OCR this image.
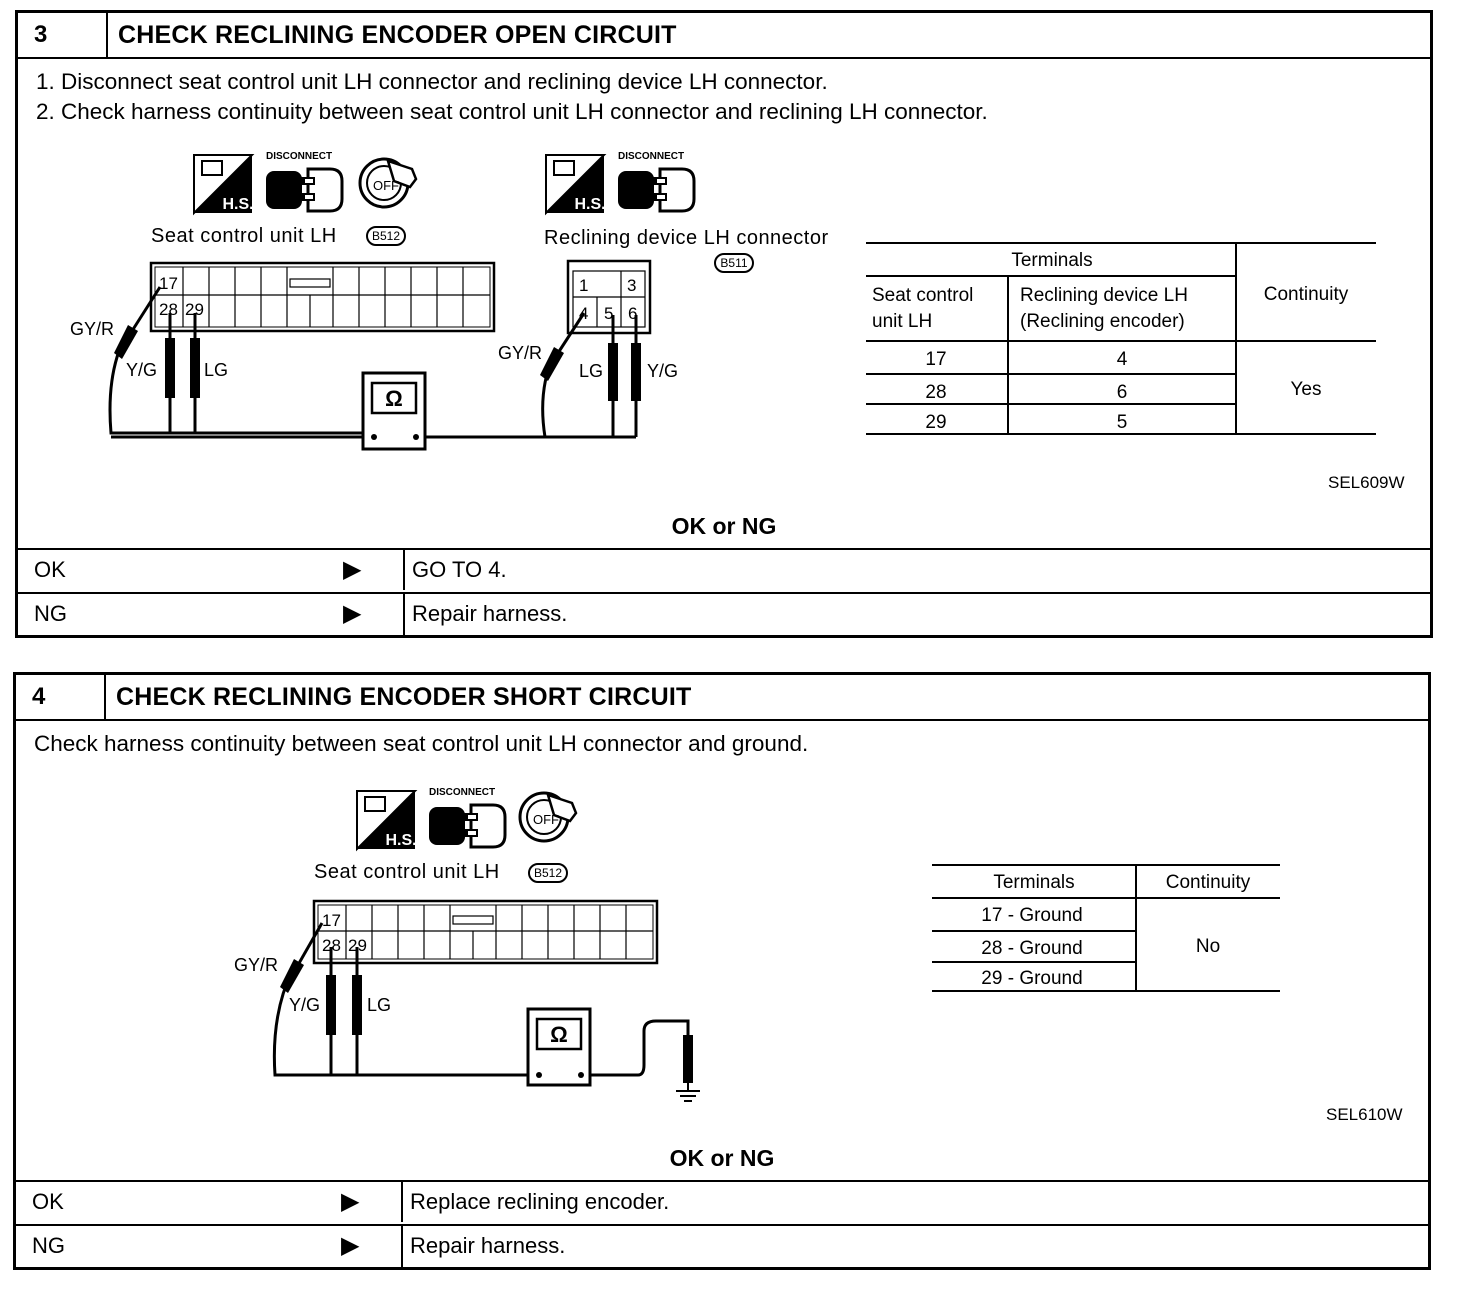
3	CHECK RECLINING ENCODER OPEN CIRCUIT
1. Disconnect seat control unit LH connector and reclining device LH connector.
2. Check harness continuity between seat control unit LH connector and reclining LH connector.
H.S.
DISCONNECT
OFF
H.S.
DISCONNECT
Seat control unit LH	B512	Reclining device LH connector
B511
17
28 29
GY/R
Y/G	LG
Ω
1 3
4 5 6
GY/R
LG Y/G
Terminals
Seat control
unit LH
Reclining device LH
(Reclining encoder)
Continuity
17	4
28	6
29	5
Yes
SEL609W
OK or NG
OK	▶ GO TO 4.
NG	▶ Repair harness.
4	CHECK RECLINING ENCODER SHORT CIRCUIT
Check harness continuity between seat control unit LH connector and ground.
H.S.
DISCONNECT
OFF
Seat control unit LH	B512
17
28 29
GY/R
Y/G	LG
Ω
Terminals	Continuity
17 - Ground
28 - Ground
29 - Ground
No
SEL610W
OK or NG
OK	▶ Replace reclining encoder.
NG	▶ Repair harness.
